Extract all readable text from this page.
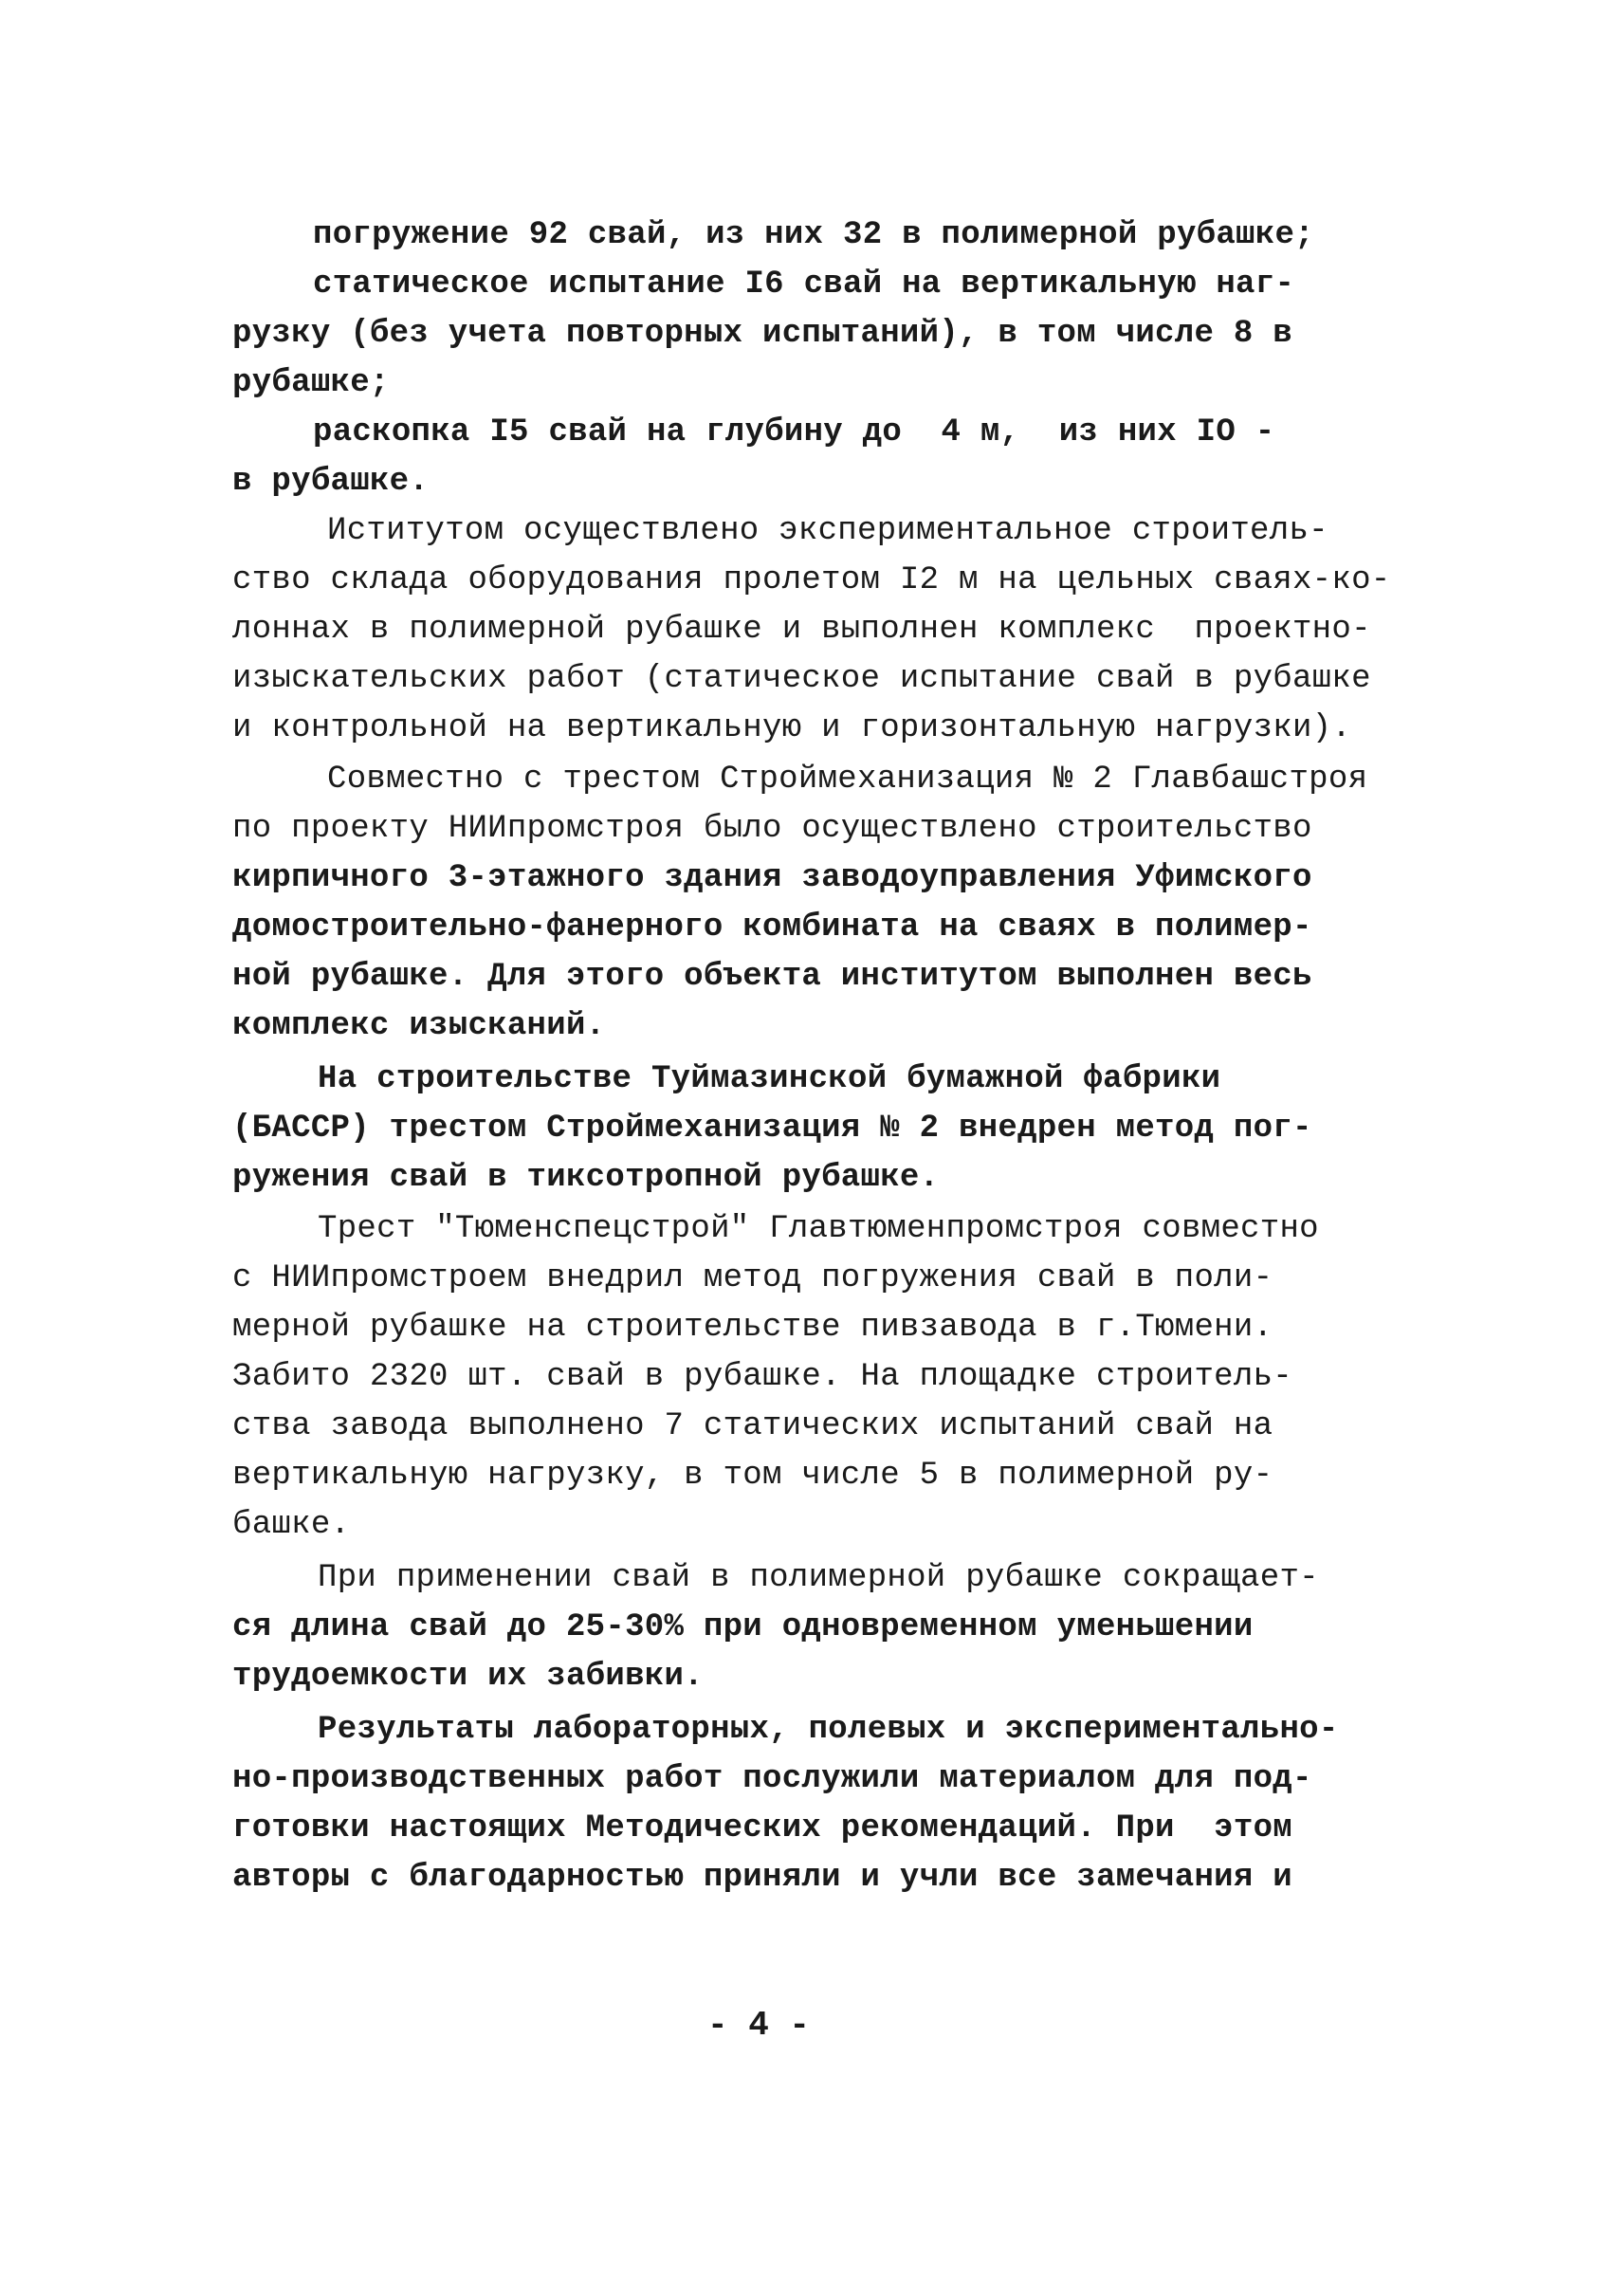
погружение 92 свай, из них 32 в полимерной рубашке;
статическое испытание I6 свай на вертикальную наг-
рузку (без учета повторных испытаний), в том числе 8 в
рубашке;
раскопка I5 свай на глубину до  4 м,  из них IO -
в рубашке.
Иститутом осуществлено экспериментальное строитель-
ство склада оборудования пролетом I2 м на цельных сваях-ко-
лоннах в полимерной рубашке и выполнен комплекс  проектно-
изыскательских работ (статическое испытание свай в рубашке
и контрольной на вертикальную и горизонтальную нагрузки).
Совместно с трестом Строймеханизация № 2 Главбашстроя
по проекту НИИпромстроя было осуществлено строительство
кирпичного 3-этажного здания заводоуправления Уфимского
домостроительно-фанерного комбината на сваях в полимер-
ной рубашке. Для этого объекта институтом выполнен весь
комплекс изысканий.
На строительстве Туймазинской бумажной фабрики
(БАССР) трестом Строймеханизация № 2 внедрен метод пог-
ружения свай в тиксотропной рубашке.
Трест "Тюменспецстрой" Главтюменпромстроя совместно
с НИИпромстроем внедрил метод погружения свай в поли-
мерной рубашке на строительстве пивзавода в г.Тюмени.
Забито 2320 шт. свай в рубашке. На площадке строитель-
ства завода выполнено 7 статических испытаний свай на
вертикальную нагрузку, в том числе 5 в полимерной ру-
башке.
При применении свай в полимерной рубашке сокращает-
ся длина свай до 25-30% при одновременном уменьшении
трудоемкости их забивки.
Результаты лабораторных, полевых и экспериментально-
но-производственных работ послужили материалом для под-
готовки настоящих Методических рекомендаций. При  этом
авторы с благодарностью приняли и учли все замечания и
- 4 -
